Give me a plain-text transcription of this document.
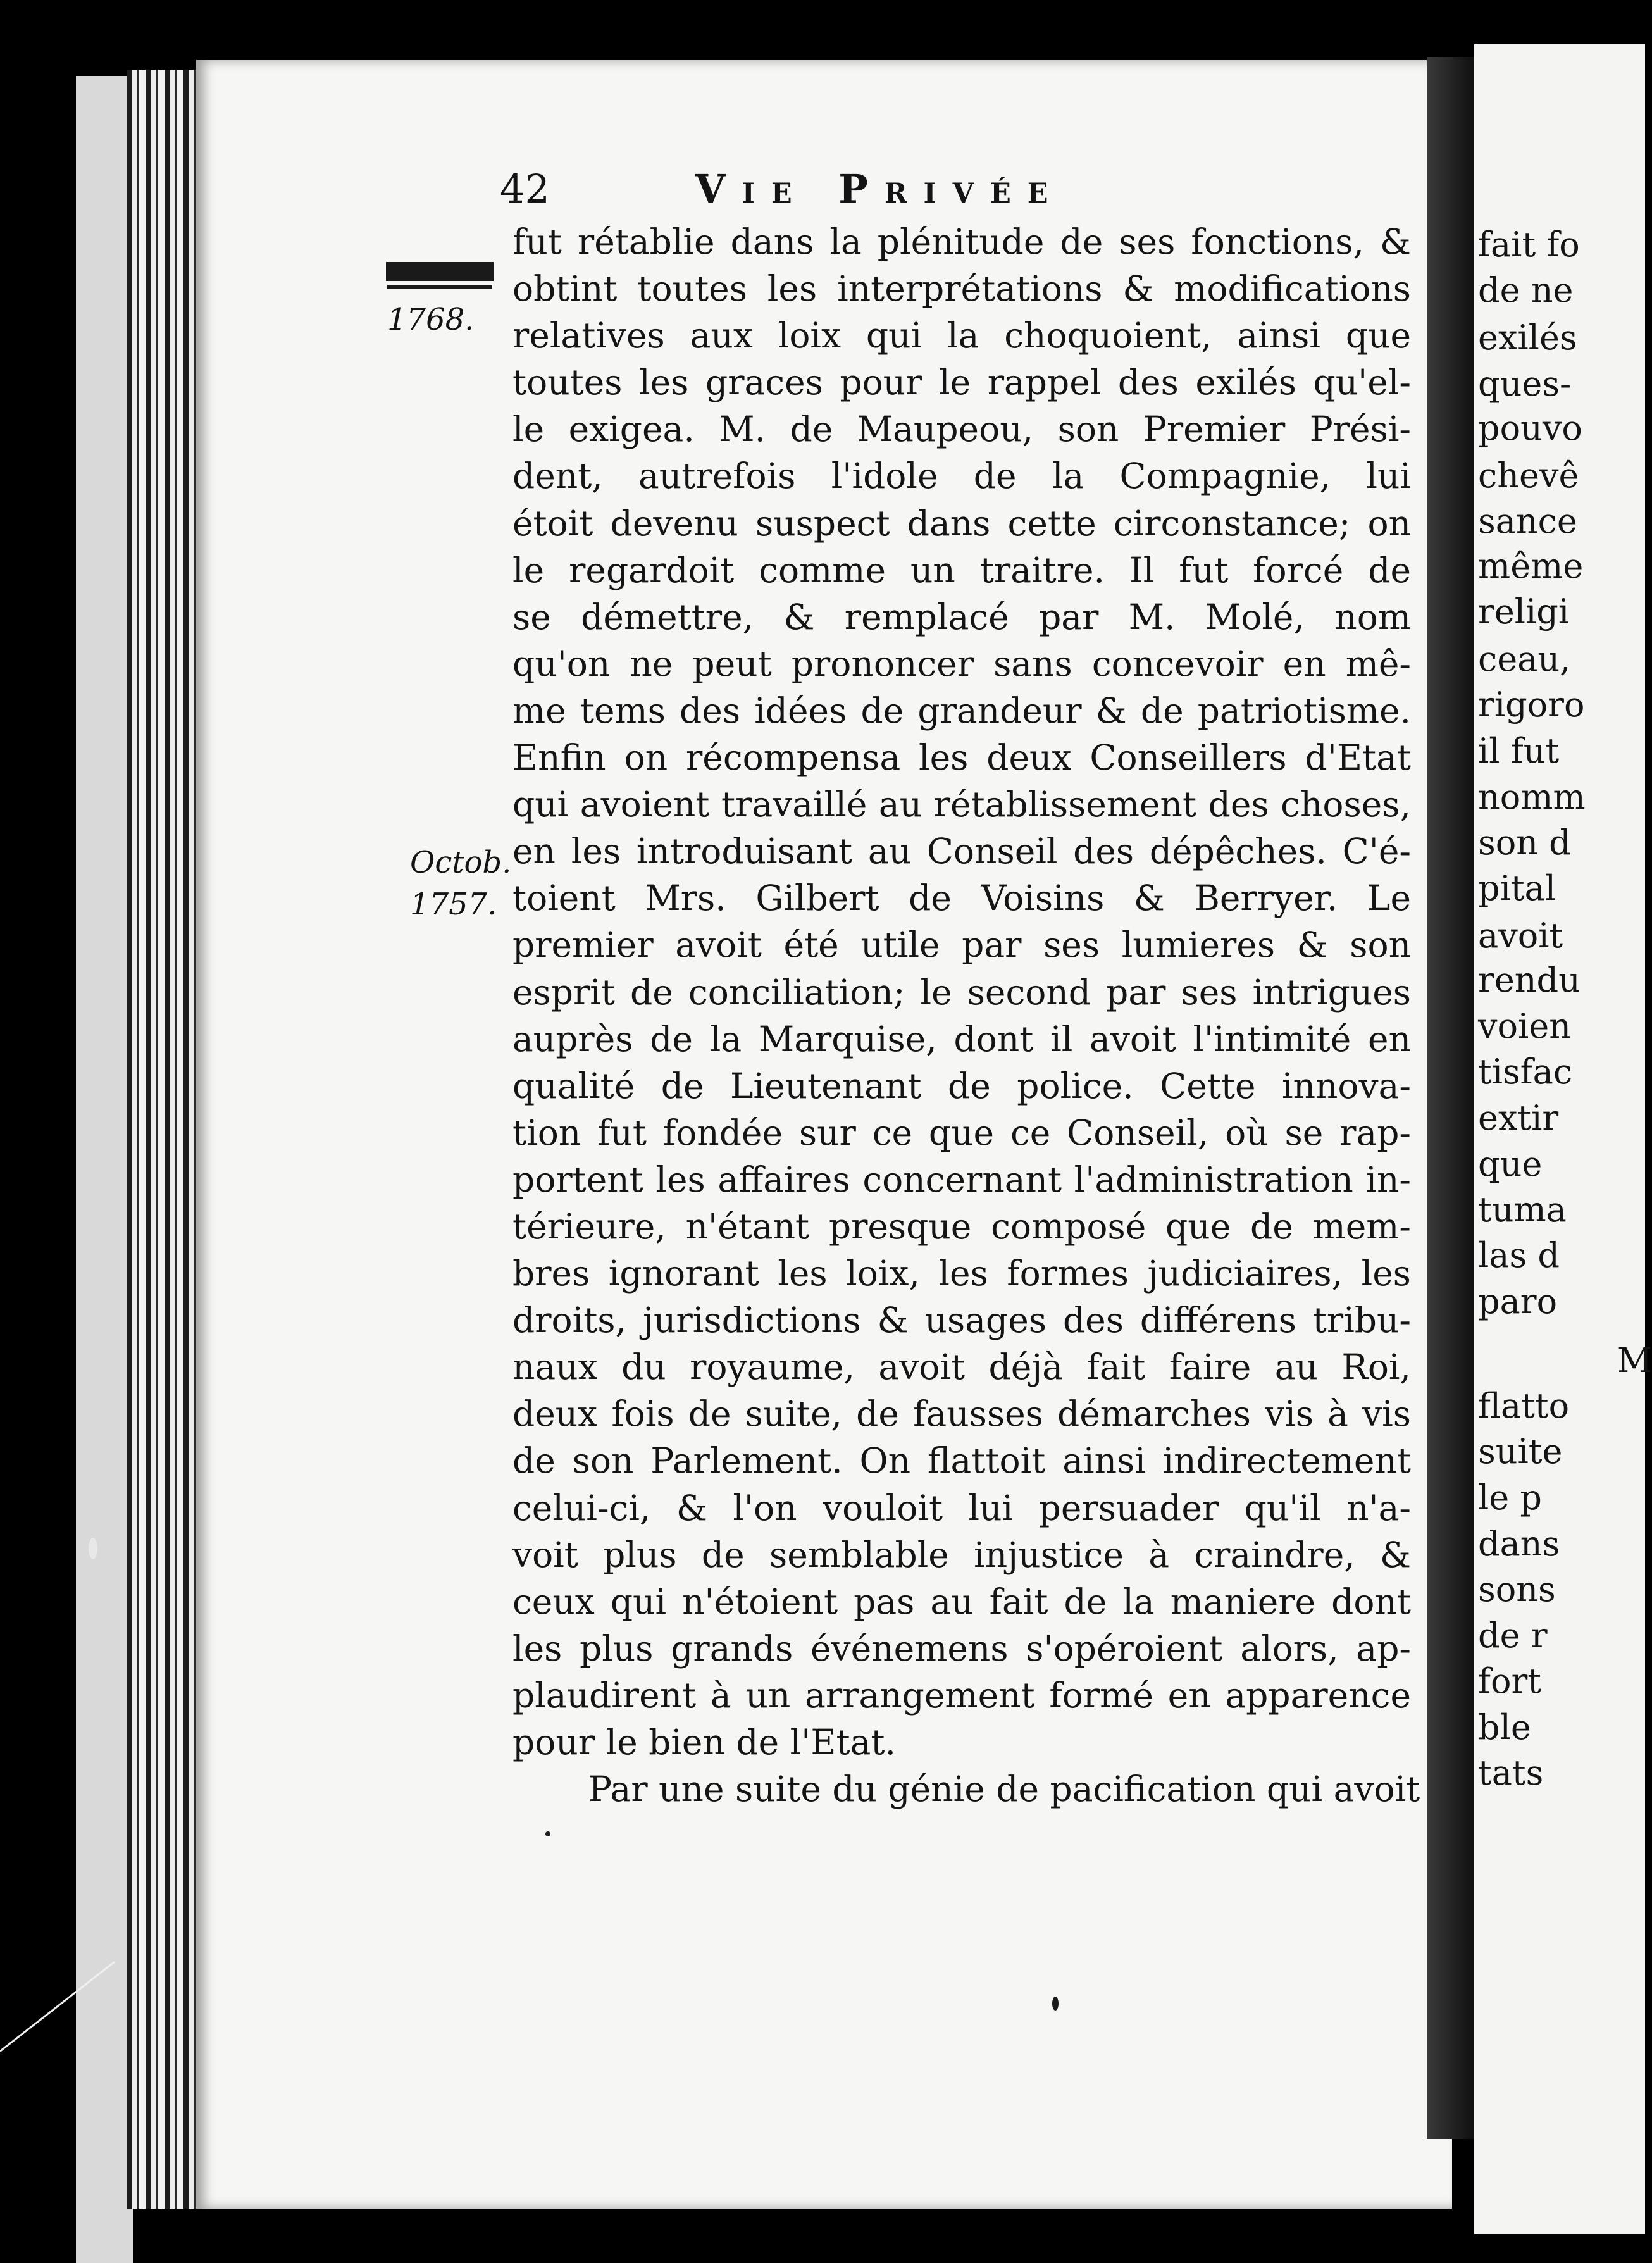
42	Vie Privée
1768.
Octob.
1757.
fut rétablie dans la plénitude de ses fonctions, &
obtint toutes les interprétations & modifications
relatives aux loix qui la choquoient, ainsi que
toutes les graces pour le rappel des exilés qu'el-
le exigea. M. de Maupeou, son Premier Prési-
dent, autrefois l'idole de la Compagnie, lui
étoit devenu suspect dans cette circonstance; on
le regardoit comme un traitre. Il fut forcé de
se démettre, & remplacé par M. Molé, nom
qu'on ne peut prononcer sans concevoir en mê-
me tems des idées de grandeur & de patriotisme.
Enfin on récompensa les deux Conseillers d'Etat
qui avoient travaillé au rétablissement des choses,
en les introduisant au Conseil des dépêches. C'é-
toient Mrs. Gilbert de Voisins & Berryer. Le
premier avoit été utile par ses lumieres & son
esprit de conciliation; le second par ses intrigues
auprès de la Marquise, dont il avoit l'intimité en
qualité de Lieutenant de police. Cette innova-
tion fut fondée sur ce que ce Conseil, où se rap-
portent les affaires concernant l'administration in-
térieure, n'étant presque composé que de mem-
bres ignorant les loix, les formes judiciaires, les
droits, jurisdictions & usages des différens tribu-
naux du royaume, avoit déjà fait faire au Roi,
deux fois de suite, de fausses démarches vis à vis
de son Parlement. On flattoit ainsi indirectement
celui-ci, & l'on vouloit lui persuader qu'il n'a-
voit plus de semblable injustice à craindre, &
ceux qui n'étoient pas au fait de la maniere dont
les plus grands événemens s'opéroient alors, ap-
plaudirent à un arrangement formé en apparence
pour le bien de l'Etat.
Par une suite du génie de pacification qui avoit
fait fo
de ne
exilés
ques-
pouvo
chevê
sance
même
religi
ceau,
rigoro
il fut
nomm
son d
pital
avoit
rendu
voien
tisfac
extir
que
tuma
las d
paro
M
flatto
suite
le p
dans
sons
de r
fort
ble
tats
